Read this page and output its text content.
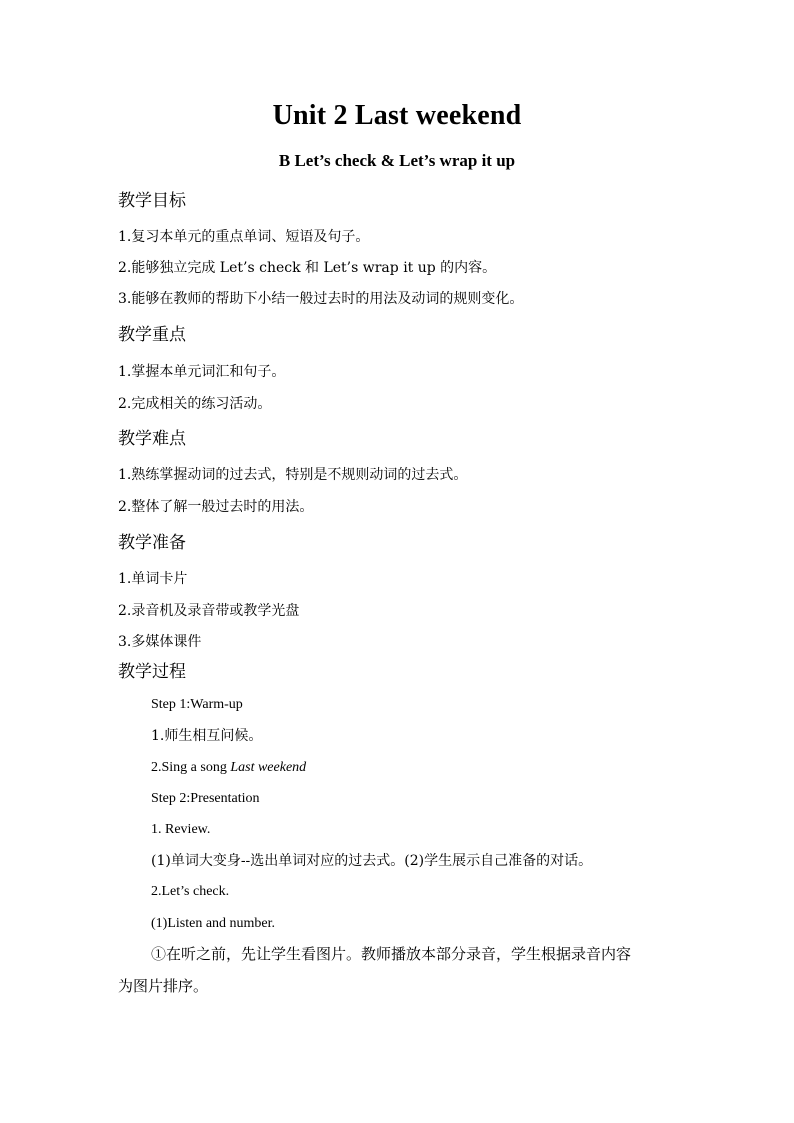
Unit 2 Last weekend
B Let’s check & Let’s wrap it up
教学目标
1.复习本单元的重点单词、短语及句子。
2.能够独立完成 Let’s check 和 Let’s wrap it up 的内容。
3.能够在教师的帮助下小结一般过去时的用法及动词的规则变化。
教学重点
1.掌握本单元词汇和句子。
2.完成相关的练习活动。
教学难点
1.熟练掌握动词的过去式，特别是不规则动词的过去式。
2.整体了解一般过去时的用法。
教学准备
1.单词卡片
2.录音机及录音带或教学光盘
3.多媒体课件
教学过程
Step 1:Warm-up
1.师生相互问候。
2.Sing a song Last weekend
Step 2:Presentation
1. Review.
(1)单词大变身--选出单词对应的过去式。(2)学生展示自己准备的对话。
2.Let’s check.
(1)Listen and number.
①在听之前，先让学生看图片。教师播放本部分录音，学生根据录音内容
为图片排序。
